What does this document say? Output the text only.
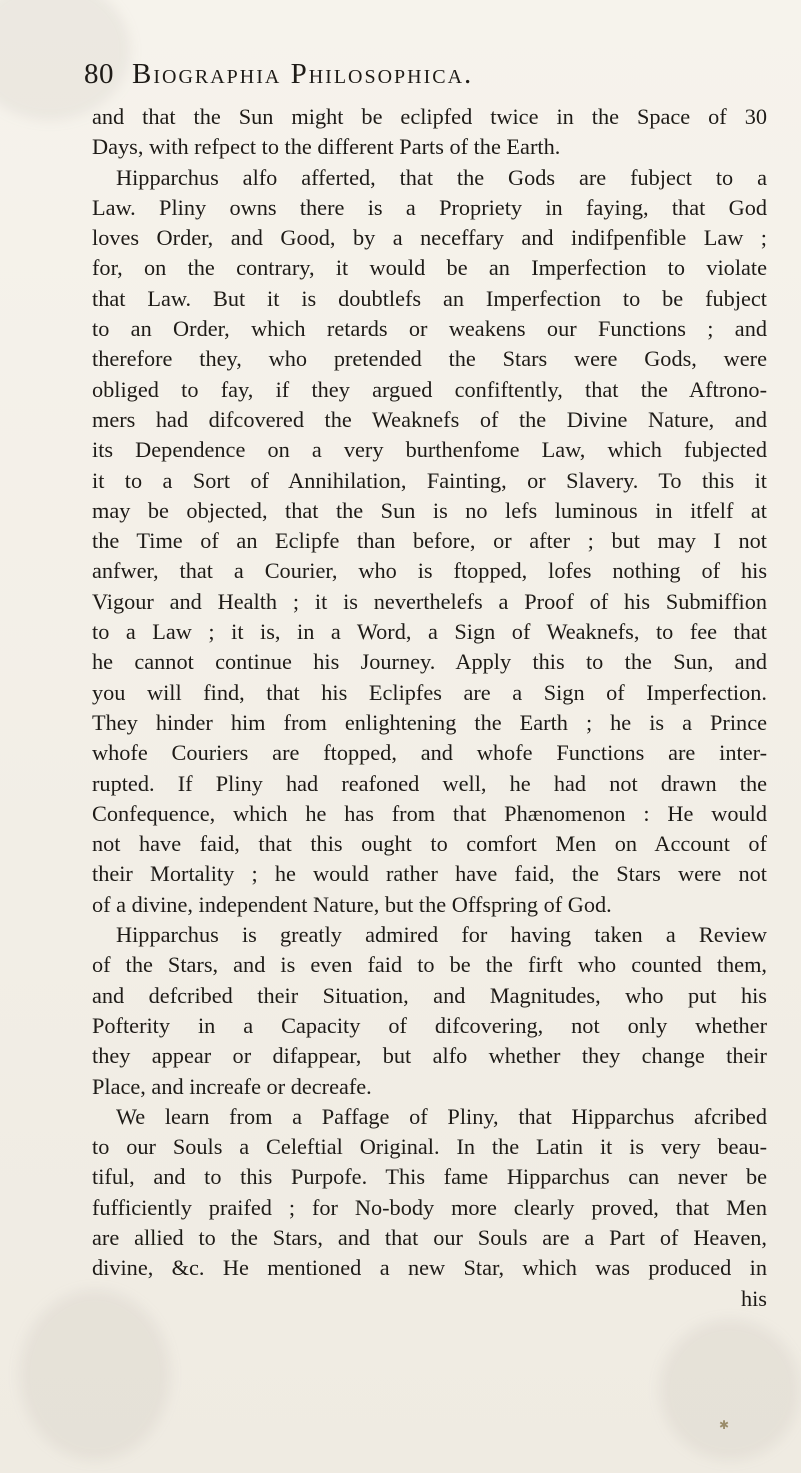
80 Biographia Philosophica.
and that the Sun might be eclipfed twice in the Space of 30
Days, with refpect to the different Parts of the Earth.
Hipparchus alfo afferted, that the Gods are fubject to a
Law. Pliny owns there is a Propriety in faying, that God
loves Order, and Good, by a neceffary and indifpenfible Law ;
for, on the contrary, it would be an Imperfection to violate
that Law. But it is doubtlefs an Imperfection to be fubject
to an Order, which retards or weakens our Functions ; and
therefore they, who pretended the Stars were Gods, were
obliged to fay, if they argued confiftently, that the Aftrono-
mers had difcovered the Weaknefs of the Divine Nature, and
its Dependence on a very burthenfome Law, which fubjected
it to a Sort of Annihilation, Fainting, or Slavery. To this it
may be objected, that the Sun is no lefs luminous in itfelf at
the Time of an Eclipfe than before, or after ; but may I not
anfwer, that a Courier, who is ftopped, lofes nothing of his
Vigour and Health ; it is neverthelefs a Proof of his Submiffion
to a Law ; it is, in a Word, a Sign of Weaknefs, to fee that
he cannot continue his Journey. Apply this to the Sun, and
you will find, that his Eclipfes are a Sign of Imperfection.
They hinder him from enlightening the Earth ; he is a Prince
whofe Couriers are ftopped, and whofe Functions are inter-
rupted. If Pliny had reafoned well, he had not drawn the
Confequence, which he has from that Phænomenon : He would
not have faid, that this ought to comfort Men on Account of
their Mortality ; he would rather have faid, the Stars were not
of a divine, independent Nature, but the Offspring of God.
Hipparchus is greatly admired for having taken a Review
of the Stars, and is even faid to be the firft who counted them,
and defcribed their Situation, and Magnitudes, who put his
Pofterity in a Capacity of difcovering, not only whether
they appear or difappear, but alfo whether they change their
Place, and increafe or decreafe.
We learn from a Paffage of Pliny, that Hipparchus afcribed
to our Souls a Celeftial Original. In the Latin it is very beau-
tiful, and to this Purpofe. This fame Hipparchus can never be
fufficiently praifed ; for No-body more clearly proved, that Men
are allied to the Stars, and that our Souls are a Part of Heaven,
divine, &c. He mentioned a new Star, which was produced in
his
✱
